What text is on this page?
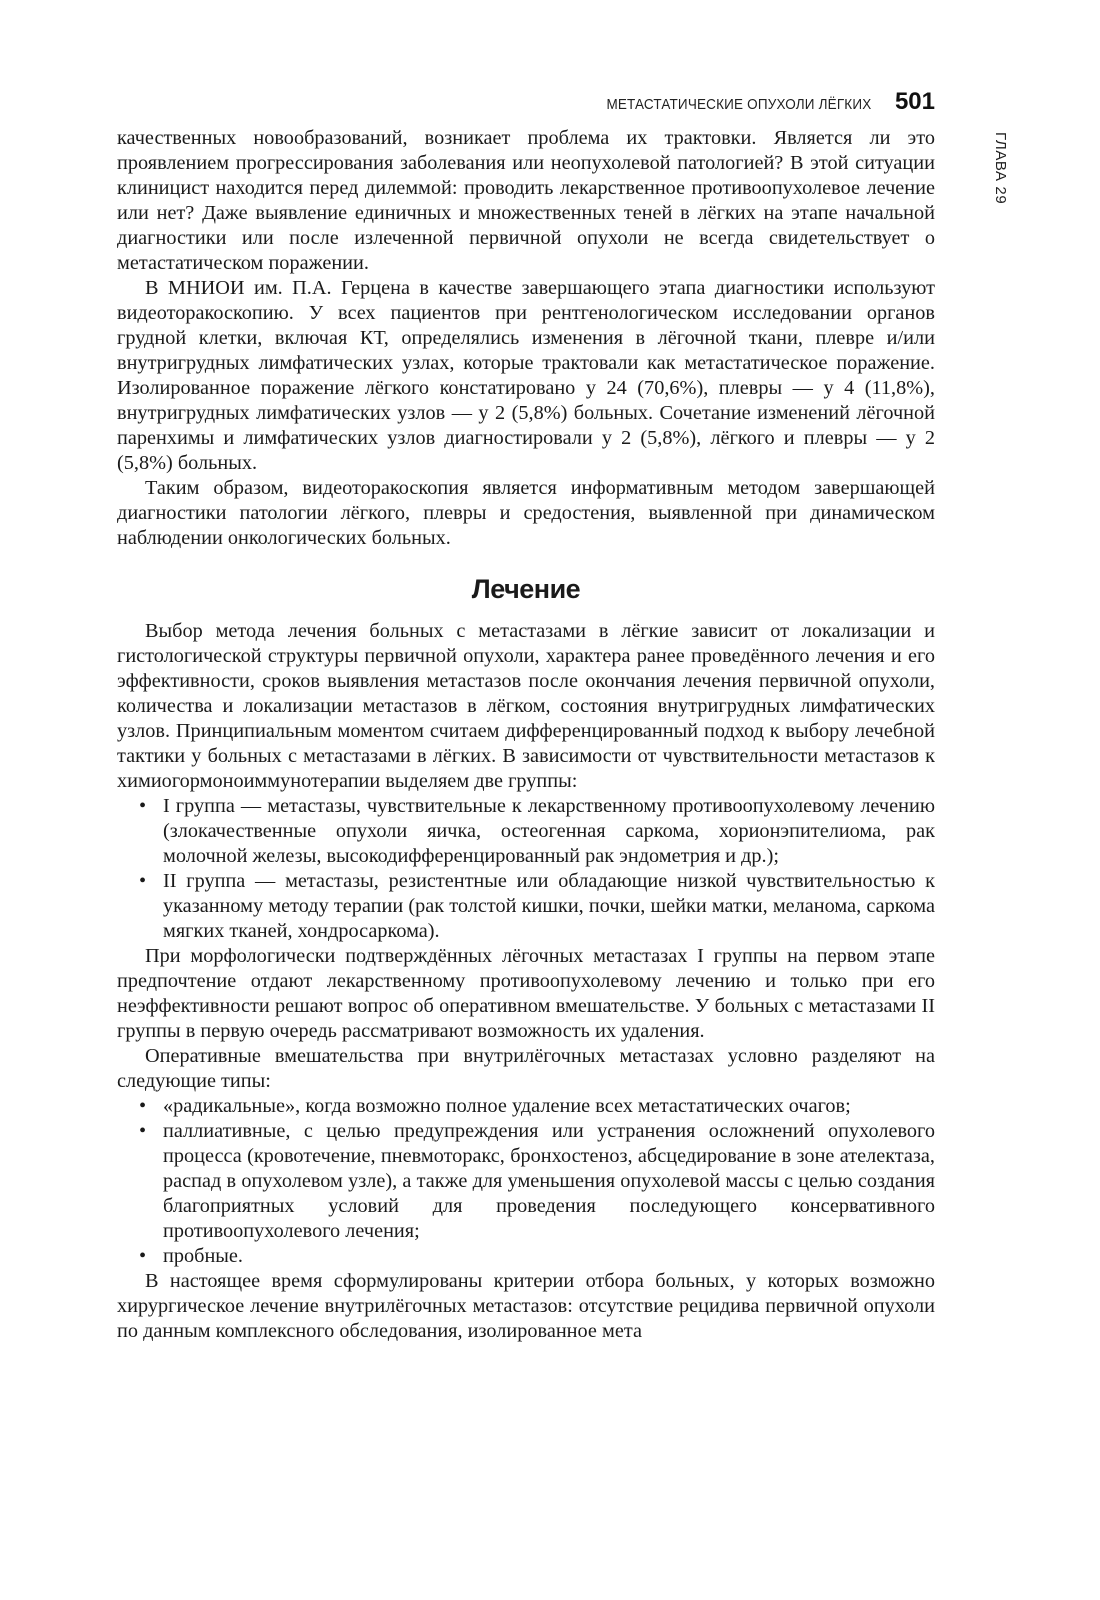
МЕТАСТАТИЧЕСКИЕ ОПУХОЛИ ЛЁГКИХ 501
ГЛАВА 29

качественных новообразований, возникает проблема их трактовки. Является ли это проявлением прогрессирования заболевания или неопухолевой патологией? В этой ситуации клиницист находится перед дилеммой: проводить лекарственное противоопухолевое лечение или нет? Даже выявление единичных и множественных теней в лёгких на этапе начальной диагностики или после излеченной первичной опухоли не всегда свидетельствует о метастатическом поражении.

В МНИОИ им. П.А. Герцена в качестве завершающего этапа диагностики используют видеоторакоскопию. У всех пациентов при рентгенологическом исследовании органов грудной клетки, включая КТ, определялись изменения в лёгочной ткани, плевре и/или внутригрудных лимфатических узлах, которые трактовали как метастатическое поражение. Изолированное поражение лёгкого констатировано у 24 (70,6%), плевры — у 4 (11,8%), внутригрудных лимфатических узлов — у 2 (5,8%) больных. Сочетание изменений лёгочной паренхимы и лимфатических узлов диагностировали у 2 (5,8%), лёгкого и плевры — у 2 (5,8%) больных.

Таким образом, видеоторакоскопия является информативным методом завершающей диагностики патологии лёгкого, плевры и средостения, выявленной при динамическом наблюдении онкологических больных.

Лечение

Выбор метода лечения больных с метастазами в лёгкие зависит от локализации и гистологической структуры первичной опухоли, характера ранее проведённого лечения и его эффективности, сроков выявления метастазов после окончания лечения первичной опухоли, количества и локализации метастазов в лёгком, состояния внутригрудных лимфатических узлов. Принципиальным моментом считаем дифференцированный подход к выбору лечебной тактики у больных с метастазами в лёгких. В зависимости от чувствительности метастазов к химиогормоноиммунотерапии выделяем две группы:

• I группа — метастазы, чувствительные к лекарственному противоопухолевому лечению (злокачественные опухоли яичка, остеогенная саркома, хорионэпителиома, рак молочной железы, высокодифференцированный рак эндометрия и др.);
• II группа — метастазы, резистентные или обладающие низкой чувствительностью к указанному методу терапии (рак толстой кишки, почки, шейки матки, меланома, саркома мягких тканей, хондросаркома).

При морфологически подтверждённых лёгочных метастазах I группы на первом этапе предпочтение отдают лекарственному противоопухолевому лечению и только при его неэффективности решают вопрос об оперативном вмешательстве. У больных с метастазами II группы в первую очередь рассматривают возможность их удаления.

Оперативные вмешательства при внутрилёгочных метастазах условно разделяют на следующие типы:

• «радикальные», когда возможно полное удаление всех метастатических очагов;
• паллиативные, с целью предупреждения или устранения осложнений опухолевого процесса (кровотечение, пневмоторакс, бронхостеноз, абсцедирование в зоне ателектаза, распад в опухолевом узле), а также для уменьшения опухолевой массы с целью создания благоприятных условий для проведения последующего консервативного противоопухолевого лечения;
• пробные.

В настоящее время сформулированы критерии отбора больных, у которых возможно хирургическое лечение внутрилёгочных метастазов: отсутствие рецидива первичной опухоли по данным комплексного обследования, изолированное мета
